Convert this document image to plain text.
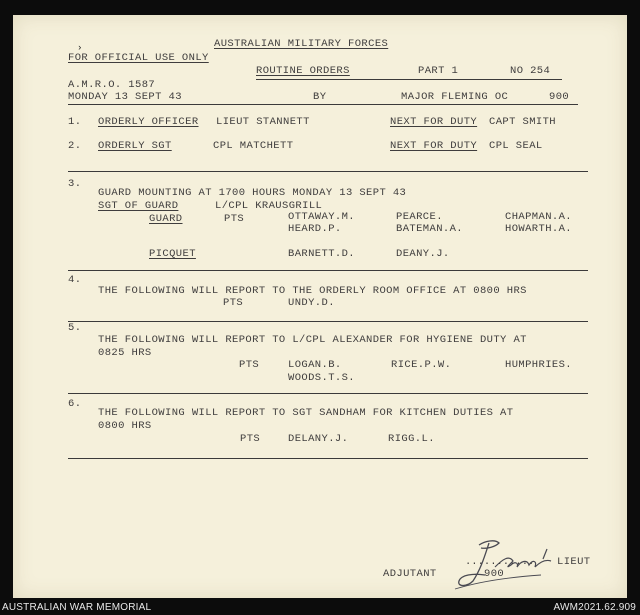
›	AUSTRALIAN MILITARY FORCES
FOR OFFICIAL USE ONLY
ROUTINE ORDERS	PART 1	NO 254
A.M.R.O. 1587
MONDAY 13 SEPT 43	BY	MAJOR FLEMING OC	900
1. ORDERLY OFFICER LIEUT STANNETT	NEXT FOR DUTY CAPT SMITH
2. ORDERLY SGT	CPL MATCHETT	NEXT FOR DUTY CPL SEAL
3.
GUARD MOUNTING AT 1700 HOURS MONDAY 13 SEPT 43
SGT OF GUARD	L/CPL KRAUSGRILL
GUARD	PTS	OTTAWAY.M.	PEARCE.	CHAPMAN.A.
HEARD.P.	BATEMAN.A.	HOWARTH.A.
PICQUET	BARNETT.D.	DEANY.J.
4.
THE FOLLOWING WILL REPORT TO THE ORDERLY ROOM OFFICE AT 0800 HRS
PTS	UNDY.D.
5.
THE FOLLOWING WILL REPORT TO L/CPL ALEXANDER FOR HYGIENE DUTY AT
0825 HRS
PTS	LOGAN.B.	RICE.P.W.	HUMPHRIES.
WOODS.T.S.
6.
THE FOLLOWING WILL REPORT TO SGT SANDHAM FOR KITCHEN DUTIES AT
0800 HRS
PTS	DELANY.J.	RIGG.L.
ADJUTANT
........... LIEUT
900
AUSTRALIAN WAR MEMORIAL	AWM2021.62.909
